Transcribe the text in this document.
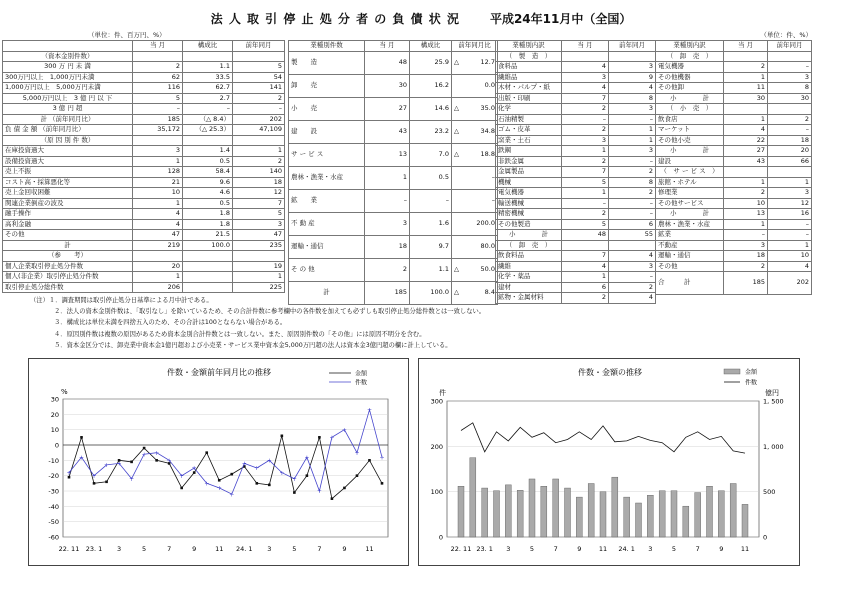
法 人 取 引 停 止 処 分 者 の 負 債 状 況	平成24年11月中（全国）
（単位：件、百万円、%）	（単位：件、%）
	当 月	構成比	前年同月
（資本金別件数）			
300 万 円 未 満	2	1.1	5
300万円以上　1,000万円未満	62	33.5	54
1,000万円以上　5,000万円未満	116	62.7	141
5,000万円以上　3 億 円 以 下	5	2.7	2
3 億 円 超	–	–	–
計 （前年同月比）	185	（△ 8.4）	202
負 債 金 額 （前年同月比）	35,172	（△ 25.3）	47,109
（原 因 別 件 数）			
在庫投資過大	3	1.4	1
設備投資過大	1	0.5	2
売上不振	128	58.4	140
コスト高・採算悪化等	21	9.6	18
売上金回収困難	10	4.6	12
関連企業倒産の波及	1	0.5	7
融手操作	4	1.8	5
高利金融	4	1.8	3
その他	47	21.5	47
計	219	100.0	235
（参　　考）			
個人企業取引停止処分件数	20		19
個人(非企業）取引停止処分件数	1		1
取引停止処分総件数	206		225
業種別件数	当 月	構成比	前年同月比
製　　造	48	25.9	△ 12.7
卸　　売	30	16.2	0.0
小　　売	27	14.6	△ 35.0
建　　設	43	23.2	△ 34.8
サ ー ビ ス	13	7.0	△ 18.8
農林・漁業・水産	1	0.5	–
鉱　　業	–	–	–
不 動 産	3	1.6	200.0
運輸・通信	18	9.7	80.0
そ の 他	2	1.1	△ 50.0
計	185	100.0	△ 8.4
業種別内訳	当 月	前年同月
（　製　造　）		
食料品	4	3
繊維品	3	9
木材・パルプ・紙	4	4
出版・印刷	7	8
化学	2	3
石油精製	–	–
ゴム・皮革	2	1
窯業・土石	3	1
鉄鋼	1	3
非鉄金属	2	–
金属製品	7	2
機械	5	8
電気機器	1	2
輸送機械	–	–
精密機械	2	–
その他製造	5	6
小　　　　計	48	55
（　卸　売　）		
飲食料品	7	4
繊維	4	3
化学・薬品	1	–
建材	6	2
鉱物・金属材料	2	4
業種別内訳	当 月	前年同月
（　卸　売　）		
電気機器	2	–
その他機器	1	3
その他卸	11	8
小　　　　計	30	30
（　小　売　）		
飲食店	1	2
マーケット	4	–
その他小売	22	18
小　　　　計	27	20
建設	43	66
（　サ ー ビ ス　）		
旅館・ホテル	1	1
修理業	2	3
その他サービス	10	12
小　　　　計	13	16
農林・漁業・水産	1	–
鉱業	–	–
不動産	3	1
運輸・通信	18	10
その他	2	4
合　　　計	185	202
（注）１．調査期間は取引停止処分日基準による月中計である。
２．法人の資本金別件数は、「取引なし」を除いているため、その合計件数に参考欄中の各件数を加えても必ずしも取引停止処分総件数とは一致しない。
３．構成比は単位未満を四捨五入のため、その合計は100とならない場合がある。
４．原因別件数は複数の原因があるため資本金別合計件数とは一致しない。また、原因別件数の「その他」には原因不明分を含む。
５．資本金区分では、卸売業中資本金1億円超および小売業・サービス業中資本金5,000万円超の法人は資本金3億円超の欄に計上している。
件数・金額前年同月比の推移
%
30
20
10
0
-10
-20
-30
-40
-50
-60
22. 11 23. 1 3	5	7	9	11 24. 1 3	5	7	9	11
金額
+
+
+
+ +
+
+ +
+
+
+
+
+
+
+
+
+
+
+
+
+
+
+
+
+
+
件数
件数・金額の推移
件	億円
300
200
100
0
1, 500
1, 000
500
0
22. 11 23. 1 3	5	7	9	11 24. 1 3	5	7	9	11
金額
件数
